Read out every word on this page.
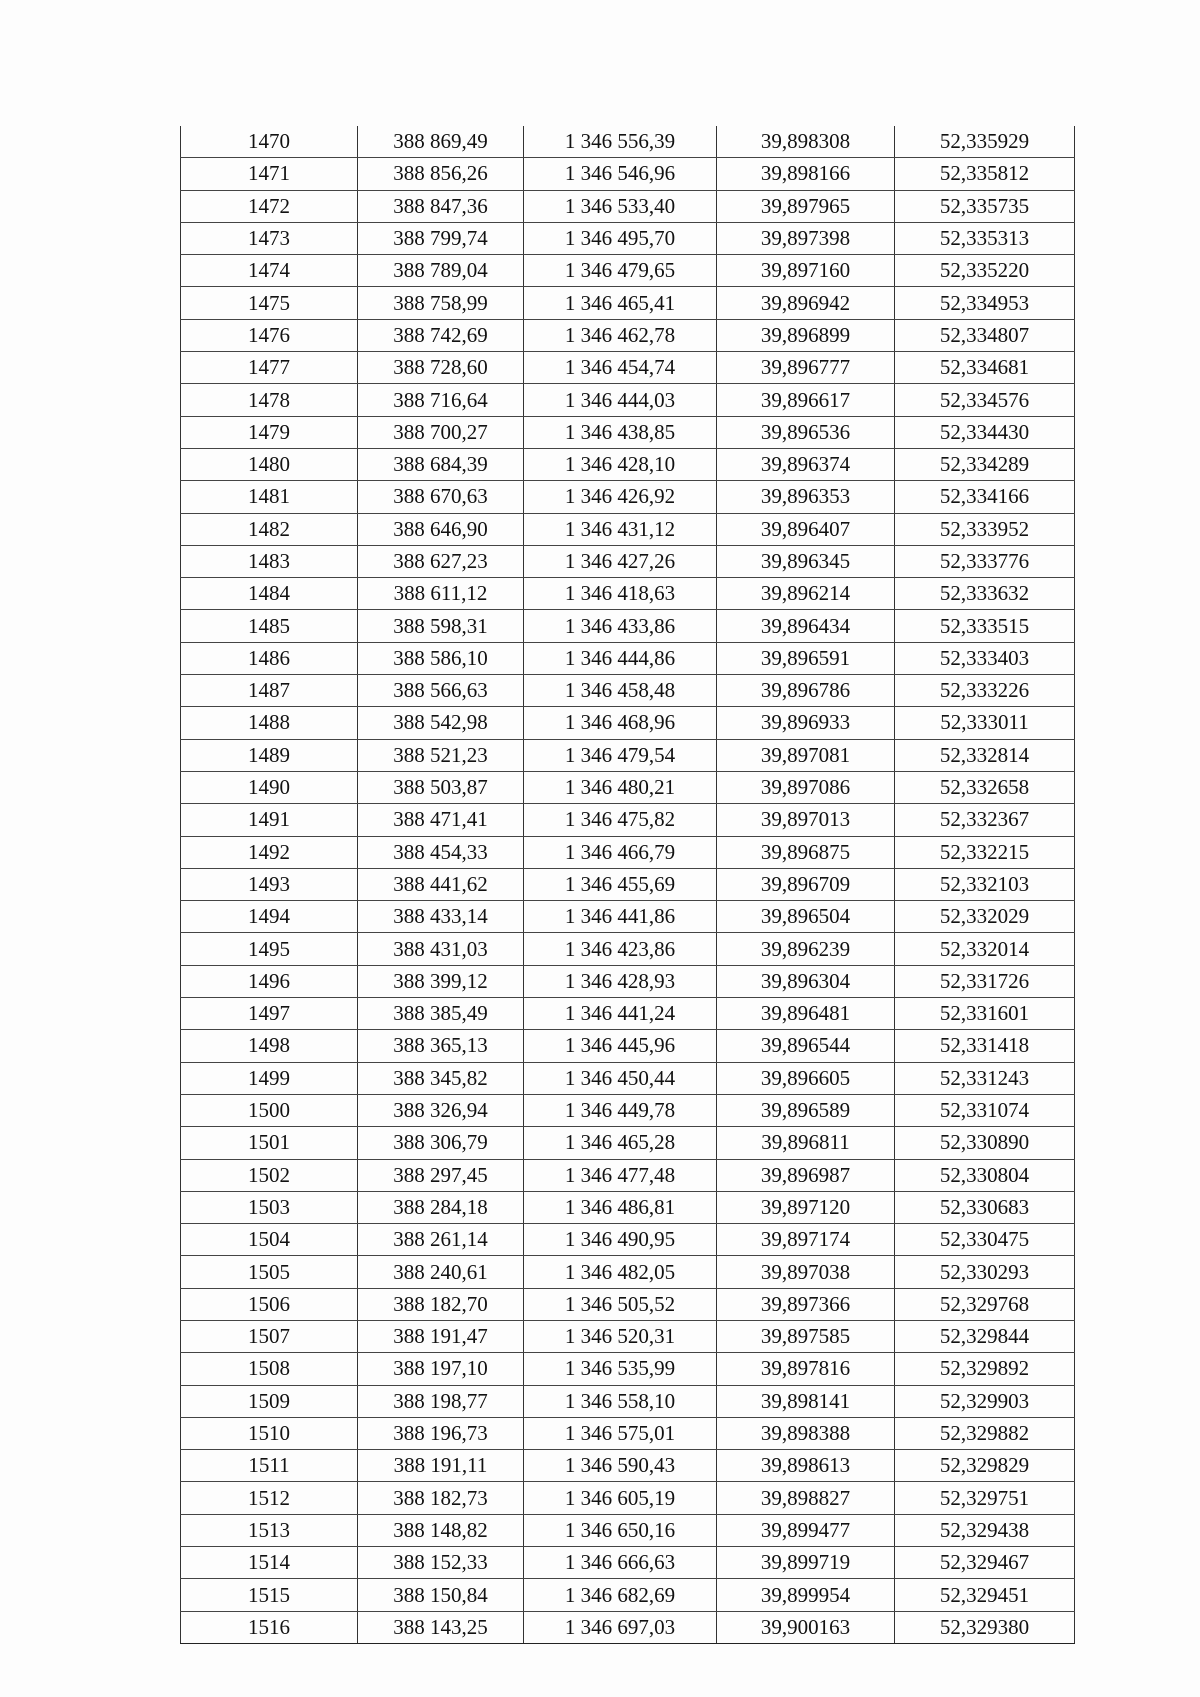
1470	388 869,49	1 346 556,39	39,898308	52,335929
1471	388 856,26	1 346 546,96	39,898166	52,335812
1472	388 847,36	1 346 533,40	39,897965	52,335735
1473	388 799,74	1 346 495,70	39,897398	52,335313
1474	388 789,04	1 346 479,65	39,897160	52,335220
1475	388 758,99	1 346 465,41	39,896942	52,334953
1476	388 742,69	1 346 462,78	39,896899	52,334807
1477	388 728,60	1 346 454,74	39,896777	52,334681
1478	388 716,64	1 346 444,03	39,896617	52,334576
1479	388 700,27	1 346 438,85	39,896536	52,334430
1480	388 684,39	1 346 428,10	39,896374	52,334289
1481	388 670,63	1 346 426,92	39,896353	52,334166
1482	388 646,90	1 346 431,12	39,896407	52,333952
1483	388 627,23	1 346 427,26	39,896345	52,333776
1484	388 611,12	1 346 418,63	39,896214	52,333632
1485	388 598,31	1 346 433,86	39,896434	52,333515
1486	388 586,10	1 346 444,86	39,896591	52,333403
1487	388 566,63	1 346 458,48	39,896786	52,333226
1488	388 542,98	1 346 468,96	39,896933	52,333011
1489	388 521,23	1 346 479,54	39,897081	52,332814
1490	388 503,87	1 346 480,21	39,897086	52,332658
1491	388 471,41	1 346 475,82	39,897013	52,332367
1492	388 454,33	1 346 466,79	39,896875	52,332215
1493	388 441,62	1 346 455,69	39,896709	52,332103
1494	388 433,14	1 346 441,86	39,896504	52,332029
1495	388 431,03	1 346 423,86	39,896239	52,332014
1496	388 399,12	1 346 428,93	39,896304	52,331726
1497	388 385,49	1 346 441,24	39,896481	52,331601
1498	388 365,13	1 346 445,96	39,896544	52,331418
1499	388 345,82	1 346 450,44	39,896605	52,331243
1500	388 326,94	1 346 449,78	39,896589	52,331074
1501	388 306,79	1 346 465,28	39,896811	52,330890
1502	388 297,45	1 346 477,48	39,896987	52,330804
1503	388 284,18	1 346 486,81	39,897120	52,330683
1504	388 261,14	1 346 490,95	39,897174	52,330475
1505	388 240,61	1 346 482,05	39,897038	52,330293
1506	388 182,70	1 346 505,52	39,897366	52,329768
1507	388 191,47	1 346 520,31	39,897585	52,329844
1508	388 197,10	1 346 535,99	39,897816	52,329892
1509	388 198,77	1 346 558,10	39,898141	52,329903
1510	388 196,73	1 346 575,01	39,898388	52,329882
1511	388 191,11	1 346 590,43	39,898613	52,329829
1512	388 182,73	1 346 605,19	39,898827	52,329751
1513	388 148,82	1 346 650,16	39,899477	52,329438
1514	388 152,33	1 346 666,63	39,899719	52,329467
1515	388 150,84	1 346 682,69	39,899954	52,329451
1516	388 143,25	1 346 697,03	39,900163	52,329380
